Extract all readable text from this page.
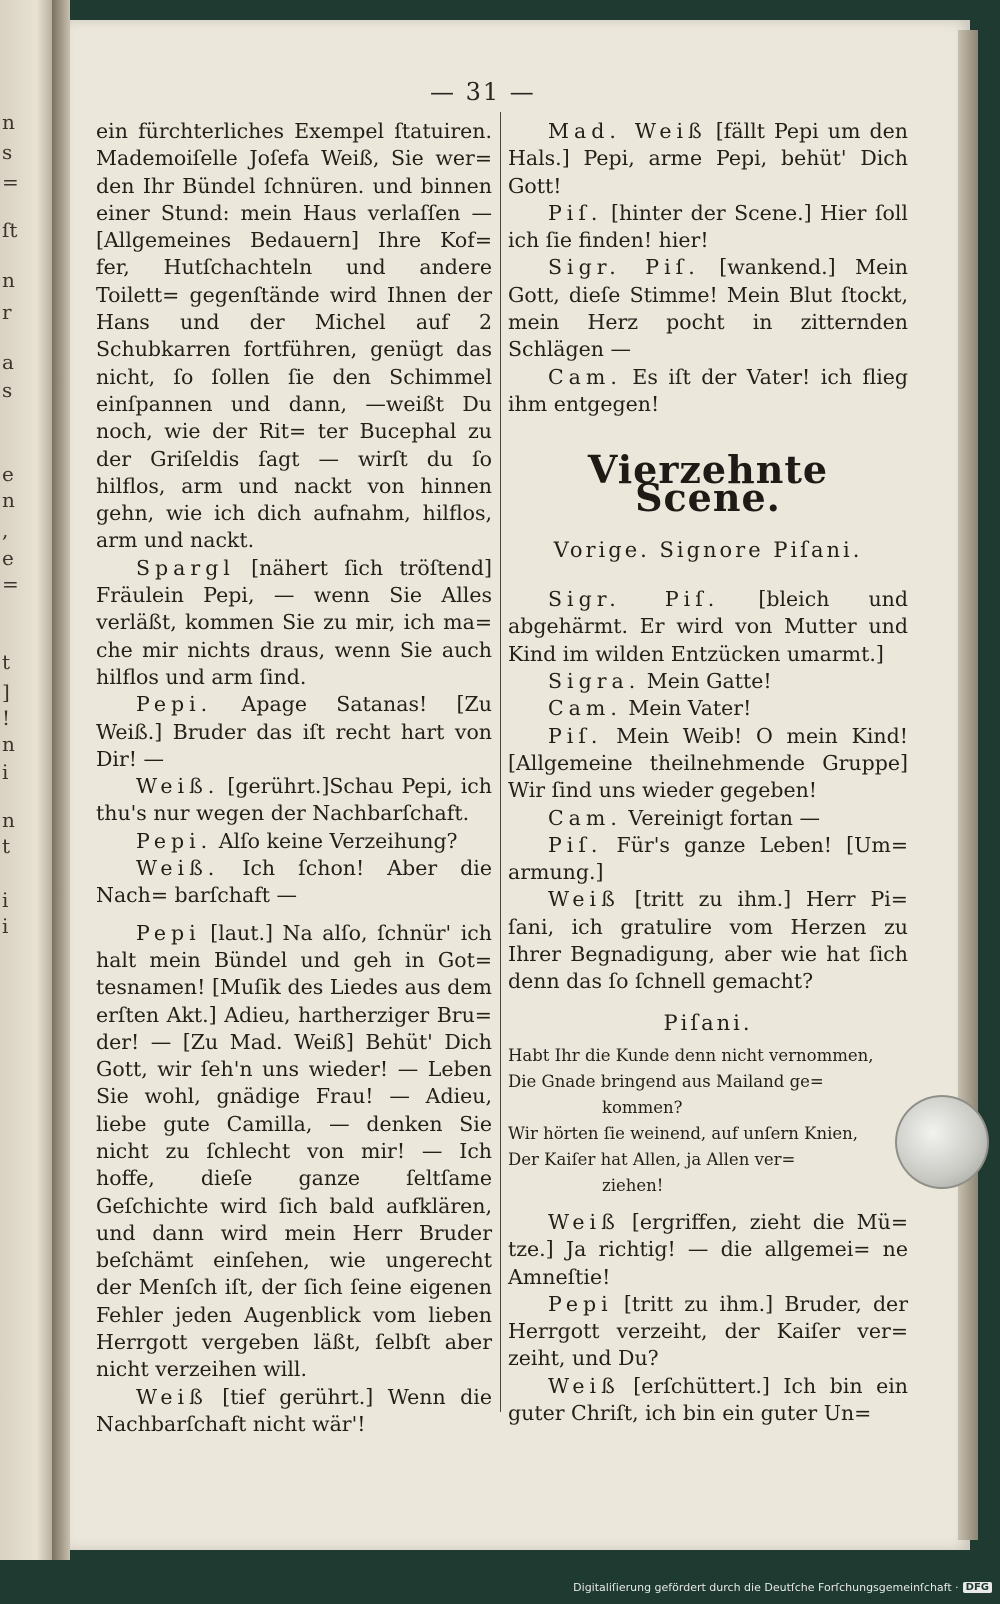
n
s
=
ſt
n
r
a
s
e
n
,
e
=
t
]
!
n
i
n
t
i
i
— 31 —

ein fürchterliches Exempel ſtatuiren. Mademoiſelle Joſefa Weiß, Sie wer= den Ihr Bündel ſchnüren. und binnen einer Stund: mein Haus verlaſſen — [Allgemeines Bedauern] Ihre Kof= fer, Hutſchachteln und andere Toilett= gegenſtände wird Ihnen der Hans und der Michel auf 2 Schubkarren fortführen, genügt das nicht, ſo ſollen ſie den Schimmel einſpannen und dann, —weißt Du noch, wie der Rit= ter Bucephal zu der Griſeldis ſagt — wirſt du ſo hilflos, arm und nackt von hinnen gehn, wie ich dich aufnahm, hilflos, arm und nackt.

Spargl [nähert ſich tröſtend] Fräulein Pepi, — wenn Sie Alles verläßt, kommen Sie zu mir, ich ma= che mir nichts draus, wenn Sie auch hilflos und arm ſind.

Pepi. Apage Satanas! [Zu Weiß.] Bruder das iſt recht hart von Dir! —

Weiß. [gerührt.]Schau Pepi, ich thu's nur wegen der Nachbarſchaft.

Pepi. Alſo keine Verzeihung?

Weiß. Ich ſchon! Aber die Nach= barſchaft —

Pepi [laut.] Na alſo, ſchnür' ich halt mein Bündel und geh in Got= tesnamen! [Muſik des Liedes aus dem erſten Akt.] Adieu, hartherziger Bru= der! — [Zu Mad. Weiß] Behüt' Dich Gott, wir ſeh'n uns wieder! — Leben Sie wohl, gnädige Frau! — Adieu, liebe gute Camilla, — denken Sie nicht zu ſchlecht von mir! — Ich hoffe, dieſe ganze ſeltſame Geſchichte wird ſich bald aufklären, und dann wird mein Herr Bruder beſchämt einſehen, wie ungerecht der Menſch iſt, der ſich ſeine eigenen Fehler jeden Augenblick vom lieben Herrgott vergeben läßt, ſelbſt aber nicht verzeihen will.

Weiß [tief gerührt.] Wenn die Nachbarſchaft nicht wär'!

Mad. Weiß [fällt Pepi um den Hals.] Pepi, arme Pepi, behüt' Dich Gott!

Piſ. [hinter der Scene.] Hier ſoll ich ſie finden! hier!

Sigr. Piſ. [wankend.] Mein Gott, dieſe Stimme! Mein Blut ſtockt, mein Herz pocht in zitternden Schlägen —

Cam. Es iſt der Vater! ich flieg ihm entgegen!

Vierzehnte Scene.
Vorige. Signore Piſani.

Sigr. Piſ. [bleich und abgehärmt. Er wird von Mutter und Kind im wilden Entzücken umarmt.]

Sigra. Mein Gatte!

Cam. Mein Vater!

Piſ. Mein Weib! O mein Kind! [Allgemeine theilnehmende Gruppe] Wir ſind uns wieder gegeben!

Cam. Vereinigt fortan —

Piſ. Für's ganze Leben! [Um= armung.]

Weiß [tritt zu ihm.] Herr Pi= ſani, ich gratulire vom Herzen zu Ihrer Begnadigung, aber wie hat ſich denn das ſo ſchnell gemacht?

Piſani.
Habt Ihr die Kunde denn nicht vernommen,
Die Gnade bringend aus Mailand ge=
kommen?
Wir hörten ſie weinend, auf unſern Knien,
Der Kaiſer hat Allen, ja Allen ver=
ziehen!

Weiß [ergriffen, zieht die Mü= tze.] Ja richtig! — die allgemei= ne Amneſtie!

Pepi [tritt zu ihm.] Bruder, der Herrgott verzeiht, der Kaiſer ver= zeiht, und Du?

Weiß [erſchüttert.] Ich bin ein guter Chriſt, ich bin ein guter Un=

Digitaliſierung gefördert durch die Deutſche Forſchungsgemeinſchaft · DFG
